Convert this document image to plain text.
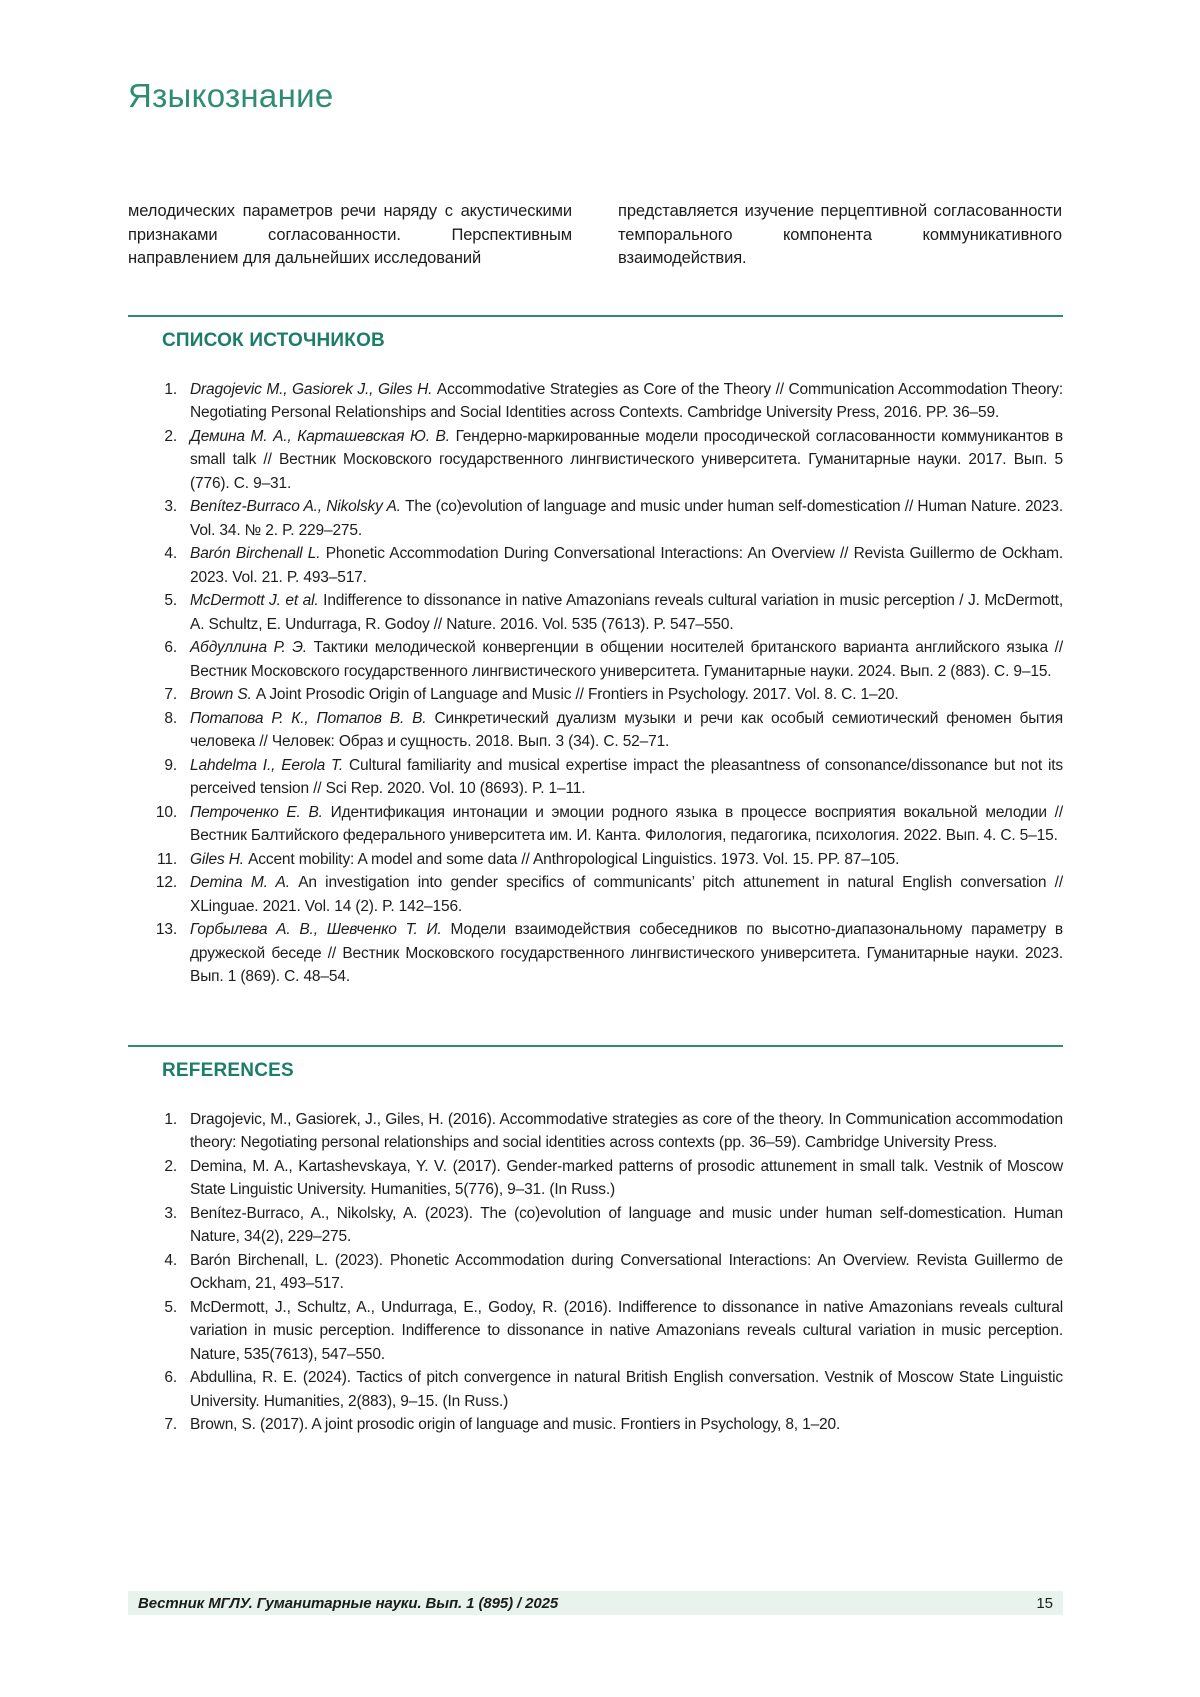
Языкознание

мелодических параметров речи наряду с акустическими признаками согласованности. Перспективным направлением для дальнейших исследований

представляется изучение перцептивной согласованности темпорального компонента коммуникативного взаимодействия.

СПИСОК ИСТОЧНИКОВ
1. Dragojevic M., Gasiorek J., Giles H. Accommodative Strategies as Core of the Theory // Communication Accommodation Theory: Negotiating Personal Relationships and Social Identities across Contexts. Cambridge University Press, 2016. PP. 36–59.
2. Демина М. А., Карташевская Ю. В. Гендерно-маркированные модели просодической согласованности коммуникантов в small talk // Вестник Московского государственного лингвистического университета. Гуманитарные науки. 2017. Вып. 5 (776). С. 9–31.
3. Benítez-Burraco A., Nikolsky A. The (co)evolution of language and music under human self-domestication // Human Nature. 2023. Vol. 34. № 2. P. 229–275.
4. Barón Birchenall L. Phonetic Accommodation During Conversational Interactions: An Overview // Revista Guillermo de Ockham. 2023. Vol. 21. P. 493–517.
5. McDermott J. et al. Indifference to dissonance in native Amazonians reveals cultural variation in music perception / J. McDermott, A. Schultz, E. Undurraga, R. Godoy // Nature. 2016. Vol. 535 (7613). P. 547–550.
6. Абдуллина Р. Э. Тактики мелодической конвергенции в общении носителей британского варианта английского языка // Вестник Московского государственного лингвистического университета. Гуманитарные науки. 2024. Вып. 2 (883). С. 9–15.
7. Brown S. A Joint Prosodic Origin of Language and Music // Frontiers in Psychology. 2017. Vol. 8. C. 1–20.
8. Потапова Р. К., Потапов В. В. Синкретический дуализм музыки и речи как особый семиотический феномен бытия человека // Человек: Образ и сущность. 2018. Вып. 3 (34). С. 52–71.
9. Lahdelma I., Eerola T. Cultural familiarity and musical expertise impact the pleasantness of consonance/dissonance but not its perceived tension // Sci Rep. 2020. Vol. 10 (8693). P. 1–11.
10. Петроченко Е. В. Идентификация интонации и эмоции родного языка в процессе восприятия вокальной мелодии // Вестник Балтийского федерального университета им. И. Канта. Филология, педагогика, психология. 2022. Вып. 4. С. 5–15.
11. Giles H. Accent mobility: A model and some data // Anthropological Linguistics. 1973. Vol. 15. PP. 87–105.
12. Demina M. A. An investigation into gender specifics of communicants’ pitch attunement in natural English conversation // XLinguae. 2021. Vol. 14 (2). P. 142–156.
13. Горбылева А. В., Шевченко Т. И. Модели взаимодействия собеседников по высотно-диапазональному параметру в дружеской беседе // Вестник Московского государственного лингвистического университета. Гуманитарные науки. 2023. Вып. 1 (869). С. 48–54.
REFERENCES
1. Dragojevic, M., Gasiorek, J., Giles, H. (2016). Accommodative strategies as core of the theory. In Communication accommodation theory: Negotiating personal relationships and social identities across contexts (pp. 36–59). Cambridge University Press.
2. Demina, M. A., Kartashevskaya, Y. V. (2017). Gender-marked patterns of prosodic attunement in small talk. Vestnik of Moscow State Linguistic University. Humanities, 5(776), 9–31. (In Russ.)
3. Benítez-Burraco, A., Nikolsky, A. (2023). The (co)evolution of language and music under human self-domestication. Human Nature, 34(2), 229–275.
4. Barón Birchenall, L. (2023). Phonetic Accommodation during Conversational Interactions: An Overview. Revista Guillermo de Ockham, 21, 493–517.
5. McDermott, J., Schultz, A., Undurraga, E., Godoy, R. (2016). Indifference to dissonance in native Amazonians reveals cultural variation in music perception. Indifference to dissonance in native Amazonians reveals cultural variation in music perception. Nature, 535(7613), 547–550.
6. Abdullina, R. E. (2024). Tactics of pitch convergence in natural British English conversation. Vestnik of Moscow State Linguistic University. Humanities, 2(883), 9–15. (In Russ.)
7. Brown, S. (2017). A joint prosodic origin of language and music. Frontiers in Psychology, 8, 1–20.
Вестник МГЛУ. Гуманитарные науки. Вып. 1 (895) / 2025	15
